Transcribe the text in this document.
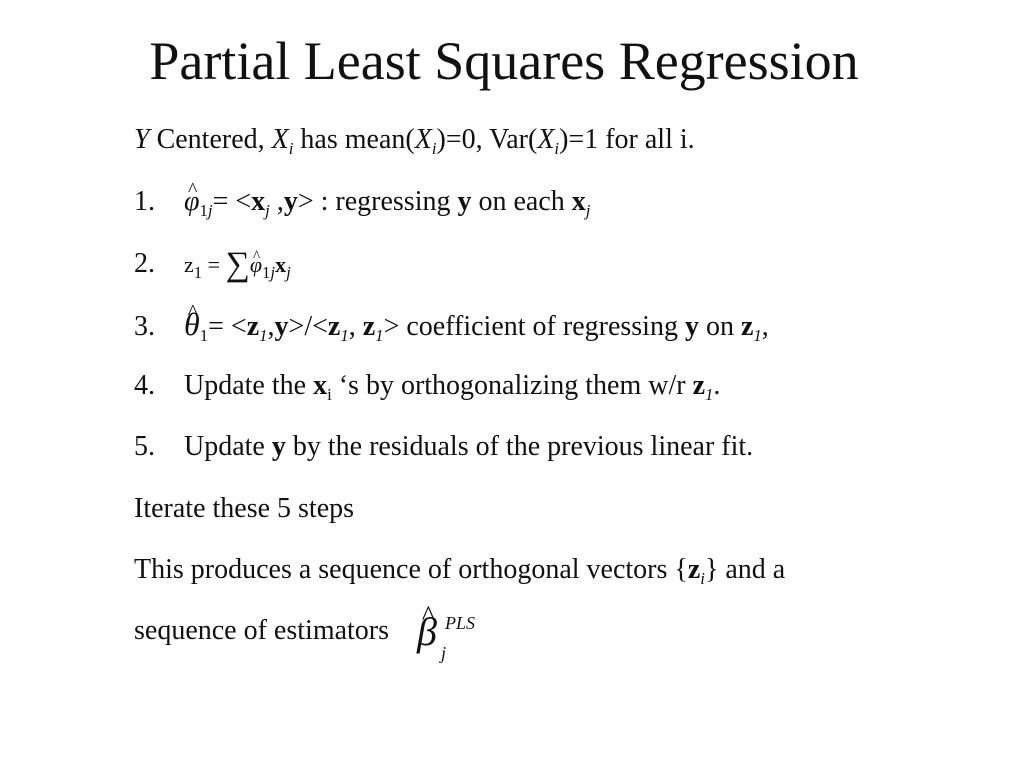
Partial Least Squares Regression
Y Centered, $X_i$ has $mean(X_i)=0$, $Var(X_i)=1$ for all i.
1. ^ $\varphi_{1j}= <x_j$ ,y> : regressing y on each $x_j$
2. $z_1$ = ∑^ $\varphi_{1j}x_j$
3. ^ $\theta_1= <z_1,y>/<z_1$, $z_1>$ coefficient of regressing y on $z_1$,
4. Update the $x_i$ ‘s by orthogonalizing them w/r $z_1$.
5. Update y by the residuals of the previous linear fit.
Iterate these 5 steps
This produces a sequence of orthogonal vectors $\{z_i\}$ and a
sequence of estimators ^ β PLS
j
